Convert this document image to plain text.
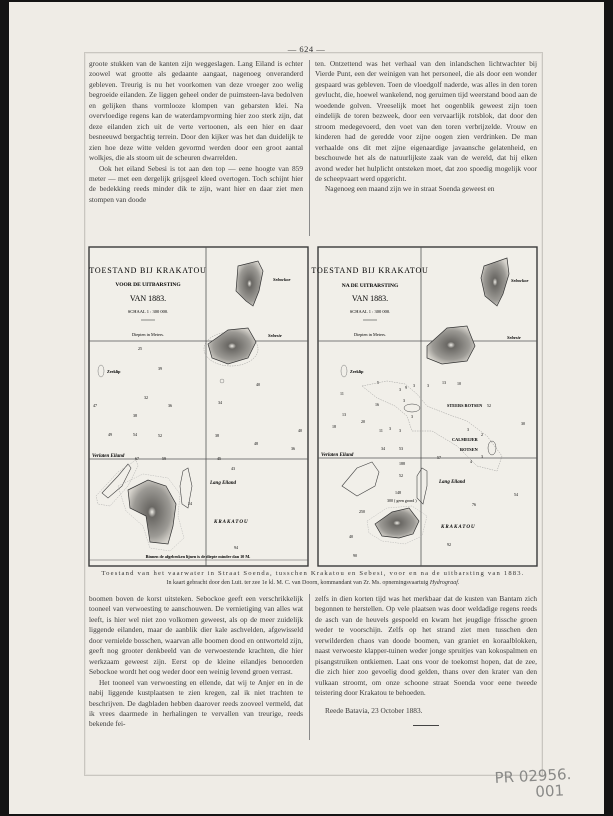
— 624 —

groote stukken van de kanten zijn weggeslagen. Lang Eiland is echter zoowel wat grootte als gedaante aangaat, nagenoeg onveranderd gebleven. Treurig is nu het voorkomen van deze vroeger zoo welig begroeide eilanden. Ze liggen geheel onder de puimsteen-lava bedolven en gelijken thans vormlooze klompen van gebarsten klei. Na overvloedige regens kan de waterdampvorming hier zoo sterk zijn, dat deze eilanden zich uit de verte vertoonen, als een hier en daar besneeuwd bergachtig terrein. Door den kijker was het dan duidelijk te zien hoe deze witte velden gevormd werden door een groot aantal wolkjes, die als stoom uit de scheuren dwarrelden.

Ook het eiland Sebesi is tot aan den top — eene hoogte van 859 meter — met een dergelijk grijsgeel kleed overtogen. Toch schijnt hier de bedekking reeds minder dik te zijn, want hier en daar ziet men stompen van doode

ten. Ontzettend was het verhaal van den inlandschen lichtwachter bij Vierde Punt, een der weinigen van het personeel, die als door een wonder gespaard was gebleven. Toen de vloedgolf naderde, was alles in den toren gevlucht, die, hoewel wankelend, nog geruimen tijd weerstand bood aan de woedende golven. Vreeselijk moet het oogenblik geweest zijn toen eindelijk de toren bezweek, door een vervaarlijk rotsblok, dat door den stroom medegevoerd, den voet van den toren verbrijzelde. Vrouw en kinderen had de geredde voor zijne oogen zien verdrinken. De man verhaalde ons dit met zijne eigenaardige javaansche gelatenheid, en beschouwde het als de natuurlijkste zaak van de wereld, dat hij elken avond weder het hulplicht ontsteken moet, dat zoo spoedig mogelijk voor de scheepvaart werd opgericht.

Nagenoeg een maand zijn we in straat Soenda geweest en

TOESTAND BIJ KRAKATOU
VOOR DE UITBARSTING
VAN 1883.
SCHAAL 1 : 300 000.
Diepten in Meters.
Sebockoe
Sebesie
Zeeklip
25
39
40
32
47	36
34
38
49	54	52	38
40
48
36
67	59	45
43
24
94
Verlaten Eiland
Lang Eiland
KRAKATOU
Binnen de afgebroken lijnen is de diepte minder dan 10 M.
TOESTAND BIJ KRAKATOU
NA DE UITBARSTING
VAN 1883.
SCHAAL 1 : 300 000.
Diepten in Meters.
Sebockoe
Sebesie
Zeeklip
STEERS ROTSEN
CALMEIJER
ROTSEN
5
3 9 3	3
13	10
11
16
3
3
52
13
20
18
11 3 3
30
3
2
34	53
57
4
3
188
52
148	54
76
250
40
92
90
300 ( geen grond )
Verlaten Eiland
Lang Eiland
KRAKATOU
Toestand van het vaarwater in Straat Soenda, tusschen Krakatou en Sebesi, voor en na de uitbarsting van 1883.
In kaart gebracht door den Luit. ter zee 1e kl. M. C. van Doorn, kommandant van Zr. Ms. opnemingsvaartuig Hydrograaf.

boomen boven de korst uitsteken. Sebockoe geeft een verschrikkelijk tooneel van verwoesting te aanschouwen. De vernietiging van alles wat leeft, is hier wel niet zoo volkomen geweest, als op de meer zuidelijk liggende eilanden, maar de aanblik dier kale aschvelden, afgewisseld door vernielde bosschen, waarvan alle boomen dood en ontworteld zijn, geeft nog grooter denkbeeld van de verwoestende krachten, die hier werkzaam geweest zijn. Eerst op de kleine eilandjes benoorden Sebockoe wordt het oog weder door een weinig levend groen verrast.

Het tooneel van verwoesting en ellende, dat wij te Anjer en in de nabij liggende kustplaatsen te zien kregen, zal ik niet trachten te beschrijven. De dagbladen hebben daarover reeds zooveel vermeld, dat ik vrees daarmede in herhalingen te vervallen van treurige, reeds bekende fei-

zelfs in dien korten tijd was het merkbaar dat de kusten van Bantam zich begonnen te herstellen. Op vele plaatsen was door weldadige regens reeds de asch van de heuvels gespoeld en kwam het jeugdige frissche groen weder te voorschijn. Zelfs op het strand ziet men tusschen den verwilderden chaos van doode boomen, van graniet en koraalblokken, naast verwoeste klapper-tuinen weder jonge spruitjes van kokospalmen en pisangstruiken ontkiemen. Laat ons voor de toekomst hopen, dat de zee, die zich hier zoo gevoelig dood gelden, thans over den krater van den vulkaan stroomt, om onze schoone straat Soenda voor eene tweede teistering door Krakatou te behoeden.

Reede Batavia, 23 October 1883.

PR 02956.
001
